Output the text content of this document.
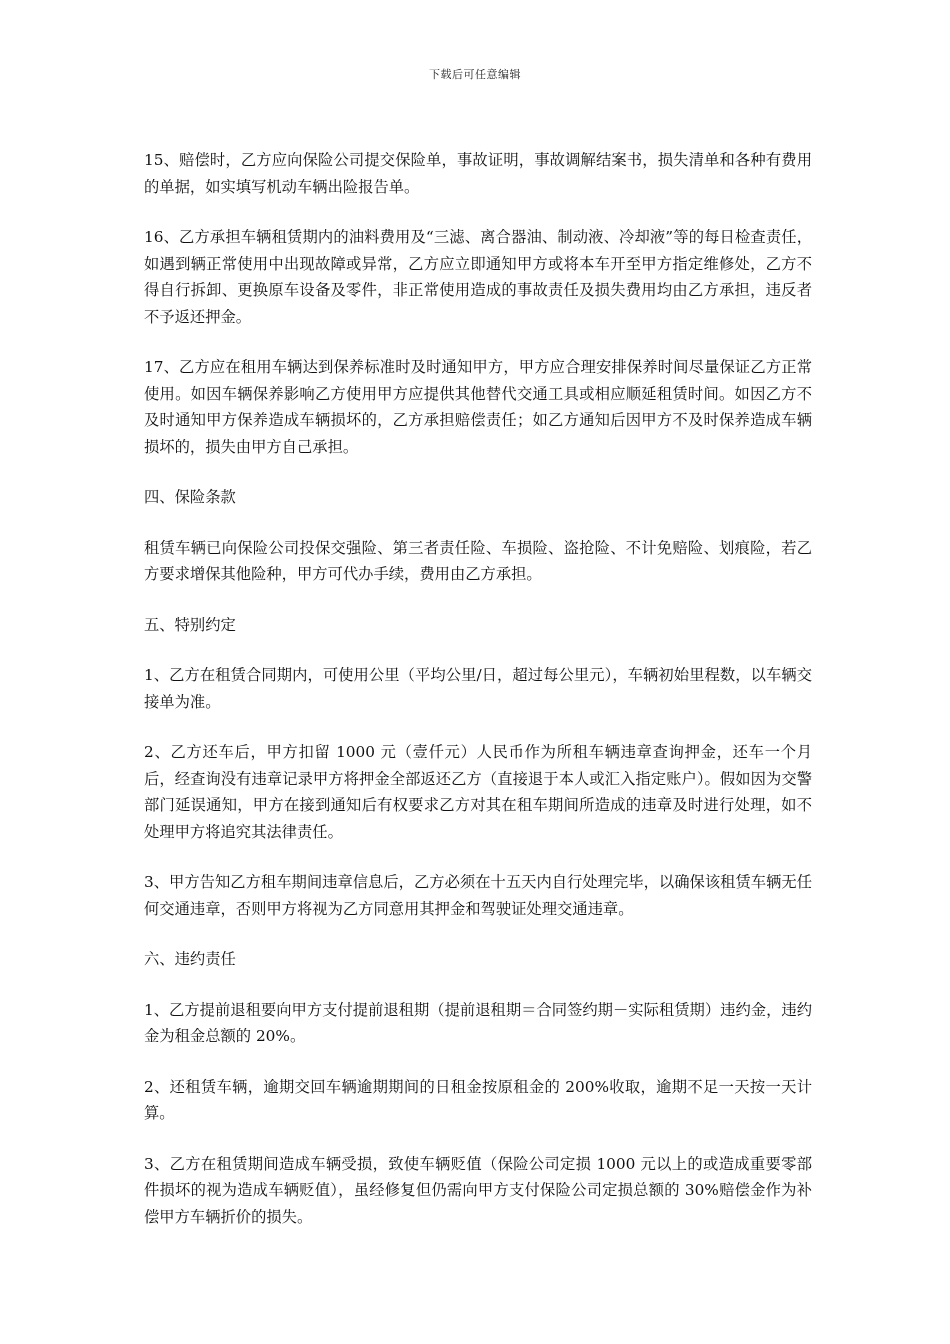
下载后可任意编辑

15、赔偿时，乙方应向保险公司提交保险单，事故证明，事故调解结案书，损失清单和各种有费用的单据，如实填写机动车辆出险报告单。

16、乙方承担车辆租赁期内的油料费用及“三滤、离合器油、制动液、冷却液”等的每日检查责任，如遇到辆正常使用中出现故障或异常，乙方应立即通知甲方或将本车开至甲方指定维修处，乙方不得自行拆卸、更换原车设备及零件，非正常使用造成的事故责任及损失费用均由乙方承担，违反者不予返还押金。

17、乙方应在租用车辆达到保养标准时及时通知甲方，甲方应合理安排保养时间尽量保证乙方正常使用。如因车辆保养影响乙方使用甲方应提供其他替代交通工具或相应顺延租赁时间。如因乙方不及时通知甲方保养造成车辆损坏的，乙方承担赔偿责任；如乙方通知后因甲方不及时保养造成车辆损坏的，损失由甲方自己承担。

四、保险条款

租赁车辆已向保险公司投保交强险、第三者责任险、车损险、盗抢险、不计免赔险、划痕险，若乙方要求增保其他险种，甲方可代办手续，费用由乙方承担。

五、特别约定

1、乙方在租赁合同期内，可使用公里（平均公里/日，超过每公里元），车辆初始里程数，以车辆交接单为准。

2、乙方还车后，甲方扣留 1000 元（壹仟元）人民币作为所租车辆违章查询押金，还车一个月后，经查询没有违章记录甲方将押金全部返还乙方（直接退于本人或汇入指定账户）。假如因为交警部门延误通知，甲方在接到通知后有权要求乙方对其在租车期间所造成的违章及时进行处理，如不处理甲方将追究其法律责任。

3、甲方告知乙方租车期间违章信息后，乙方必须在十五天内自行处理完毕，以确保该租赁车辆无任何交通违章，否则甲方将视为乙方同意用其押金和驾驶证处理交通违章。

六、违约责任

1、乙方提前退租要向甲方支付提前退租期（提前退租期＝合同签约期－实际租赁期）违约金，违约金为租金总额的 20%。

2、还租赁车辆，逾期交回车辆逾期期间的日租金按原租金的 200%收取，逾期不足一天按一天计算。

3、乙方在租赁期间造成车辆受损，致使车辆贬值（保险公司定损 1000 元以上的或造成重要零部件损坏的视为造成车辆贬值），虽经修复但仍需向甲方支付保险公司定损总额的 30%赔偿金作为补偿甲方车辆折价的损失。
